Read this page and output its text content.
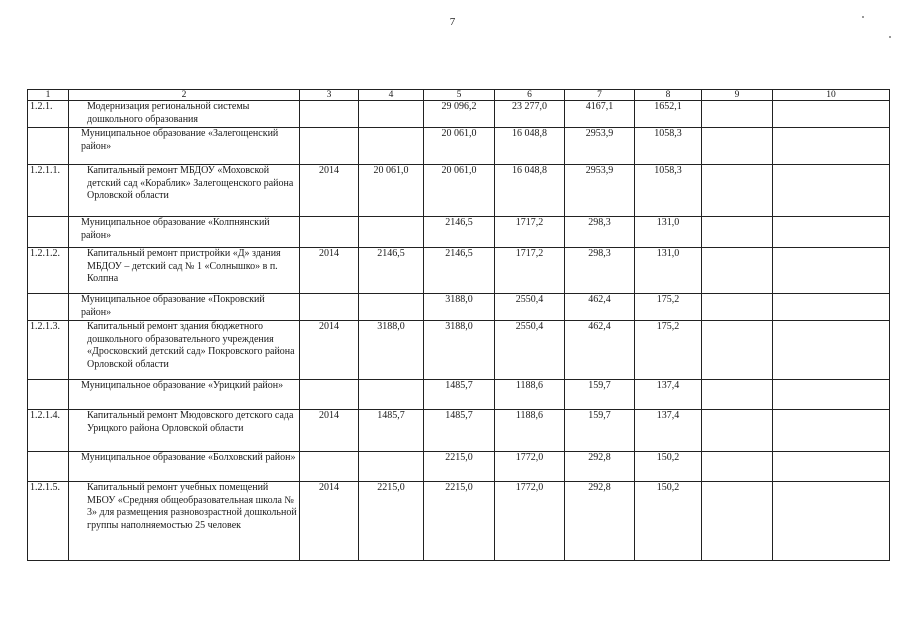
7
1	2	3	4	5	6	7	8	9	10
1.2.1.	Модернизация региональной системы дошкольного образования			29 096,2	23 277,0	4167,1	1652,1		
	Муниципальное образование «Залегощенский район»			20 061,0	16 048,8	2953,9	1058,3		
1.2.1.1.	Капитальный ремонт МБДОУ «Моховской детский сад «Кораблик» Залегощенского района Орловской области	2014	20 061,0	20 061,0	16 048,8	2953,9	1058,3		
	Муниципальное образование «Колпнянский район»			2146,5	1717,2	298,3	131,0		
1.2.1.2.	Капитальный ремонт пристройки «Д» здания МБДОУ – детский сад № 1 «Солнышко» в п. Колпна	2014	2146,5	2146,5	1717,2	298,3	131,0		
	Муниципальное образование «Покровский район»			3188,0	2550,4	462,4	175,2		
1.2.1.3.	Капитальный ремонт здания бюджетного дошкольного образовательного учреждения «Дросковский детский сад» Покровского района Орловской области	2014	3188,0	3188,0	2550,4	462,4	175,2		
	Муниципальное образование «Урицкий район»			1485,7	1188,6	159,7	137,4		
1.2.1.4.	Капитальный ремонт Мюдовского детского сада Урицкого района Орловской области	2014	1485,7	1485,7	1188,6	159,7	137,4		
	Муниципальное образование «Болховский район»			2215,0	1772,0	292,8	150,2		
1.2.1.5.	Капитальный ремонт учебных помещений МБОУ «Средняя общеобразовательная школа № 3» для размещения разновозрастной дошкольной группы наполняемостью 25 человек	2014	2215,0	2215,0	1772,0	292,8	150,2		
